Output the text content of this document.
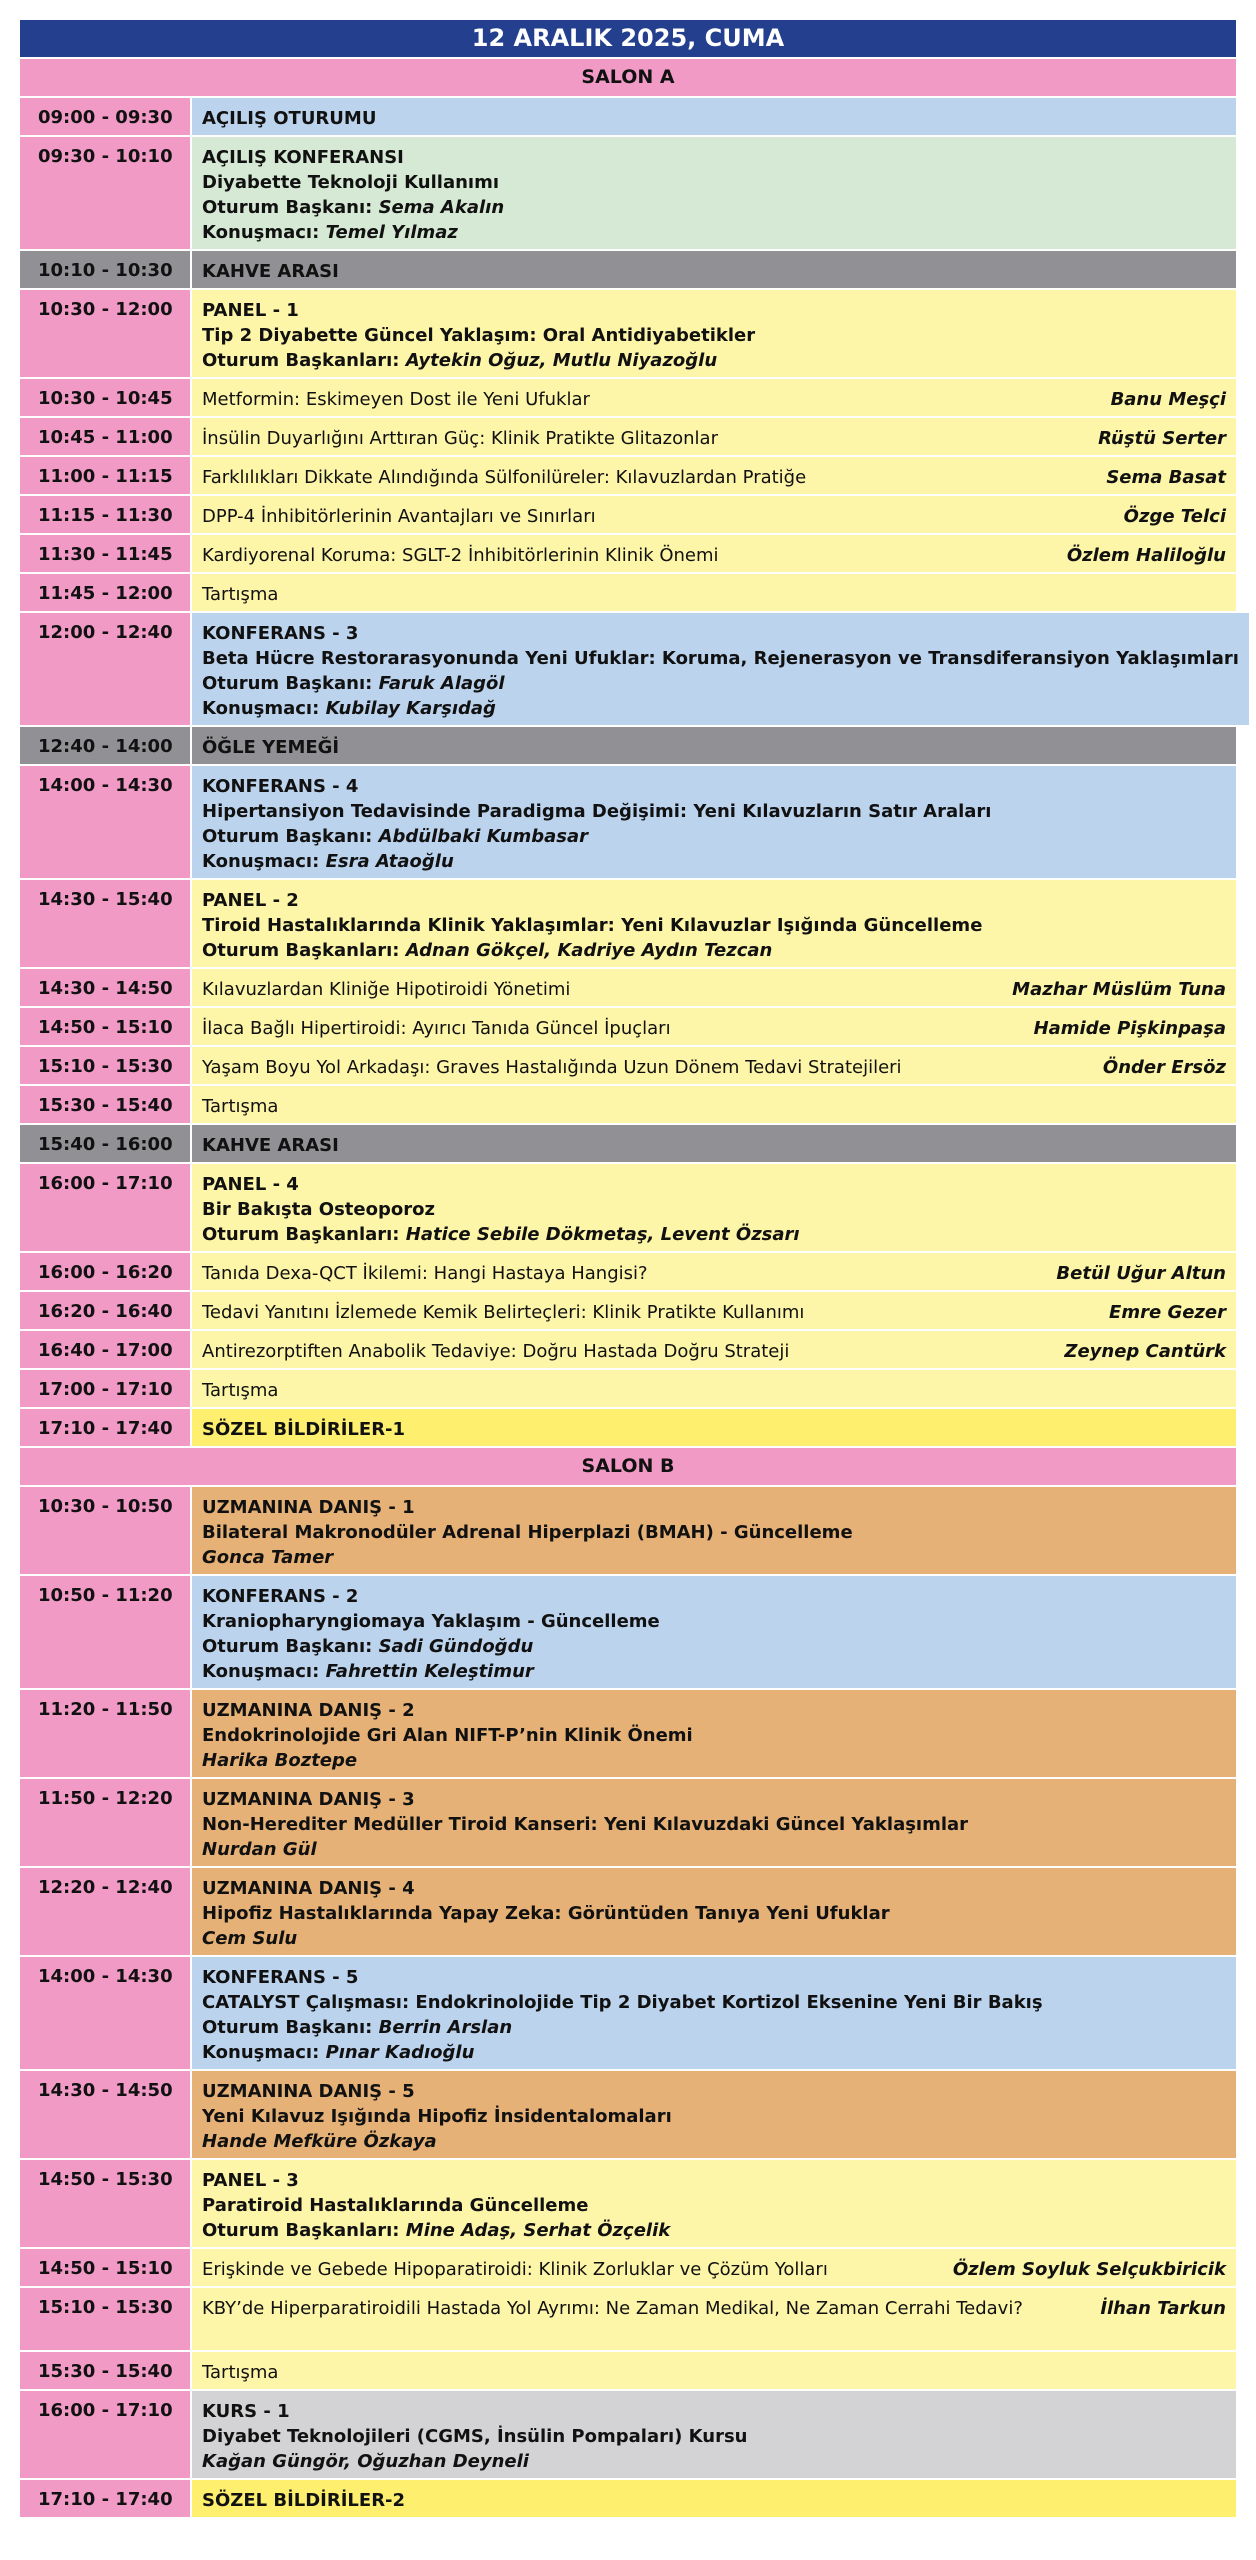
12 ARALIK 2025, CUMA
SALON A
09:00 - 09:30	AÇILIŞ OTURUMU
09:30 - 10:10	AÇILIŞ KONFERANSI
Diyabette Teknoloji Kullanımı
Oturum Başkanı: Sema Akalın
Konuşmacı: Temel Yılmaz
10:10 - 10:30	KAHVE ARASI
10:30 - 12:00	PANEL - 1
Tip 2 Diyabette Güncel Yaklaşım: Oral Antidiyabetikler
Oturum Başkanları: Aytekin Oğuz, Mutlu Niyazoğlu
10:30 - 10:45	Metformin: Eskimeyen Dost ile Yeni Ufuklar	Banu Meşçi
10:45 - 11:00	İnsülin Duyarlığını Arttıran Güç: Klinik Pratikte Glitazonlar	Rüştü Serter
11:00 - 11:15	Farklılıkları Dikkate Alındığında Sülfonilüreler: Kılavuzlardan Pratiğe	Sema Basat
11:15 - 11:30	DPP-4 İnhibitörlerinin Avantajları ve Sınırları	Özge Telci
11:30 - 11:45	Kardiyorenal Koruma: SGLT-2 İnhibitörlerinin Klinik Önemi	Özlem Haliloğlu
11:45 - 12:00	Tartışma
12:00 - 12:40	KONFERANS - 3
Beta Hücre Restorarasyonunda Yeni Ufuklar: Koruma, Rejenerasyon ve Transdiferansiyon Yaklaşımları
Oturum Başkanı: Faruk Alagöl
Konuşmacı: Kubilay Karşıdağ
12:40 - 14:00	ÖĞLE YEMEĞİ
14:00 - 14:30	KONFERANS - 4
Hipertansiyon Tedavisinde Paradigma Değişimi: Yeni Kılavuzların Satır Araları
Oturum Başkanı: Abdülbaki Kumbasar
Konuşmacı: Esra Ataoğlu
14:30 - 15:40	PANEL - 2
Tiroid Hastalıklarında Klinik Yaklaşımlar: Yeni Kılavuzlar Işığında Güncelleme
Oturum Başkanları: Adnan Gökçel, Kadriye Aydın Tezcan
14:30 - 14:50	Kılavuzlardan Kliniğe Hipotiroidi Yönetimi	Mazhar Müslüm Tuna
14:50 - 15:10	İlaca Bağlı Hipertiroidi: Ayırıcı Tanıda Güncel İpuçları	Hamide Pişkinpaşa
15:10 - 15:30	Yaşam Boyu Yol Arkadaşı: Graves Hastalığında Uzun Dönem Tedavi Stratejileri	Önder Ersöz
15:30 - 15:40	Tartışma
15:40 - 16:00	KAHVE ARASI
16:00 - 17:10	PANEL - 4
Bir Bakışta Osteoporoz
Oturum Başkanları: Hatice Sebile Dökmetaş, Levent Özsarı
16:00 - 16:20	Tanıda Dexa-QCT İkilemi: Hangi Hastaya Hangisi?	Betül Uğur Altun
16:20 - 16:40	Tedavi Yanıtını İzlemede Kemik Belirteçleri: Klinik Pratikte Kullanımı	Emre Gezer
16:40 - 17:00	Antirezorptiften Anabolik Tedaviye: Doğru Hastada Doğru Strateji	Zeynep Cantürk
17:00 - 17:10	Tartışma
17:10 - 17:40	SÖZEL BİLDİRİLER-1
SALON B
10:30 - 10:50	UZMANINA DANIŞ - 1
Bilateral Makronodüler Adrenal Hiperplazi (BMAH) - Güncelleme
Gonca Tamer
10:50 - 11:20	KONFERANS - 2
Kraniopharyngiomaya Yaklaşım - Güncelleme
Oturum Başkanı: Sadi Gündoğdu
Konuşmacı: Fahrettin Keleştimur
11:20 - 11:50	UZMANINA DANIŞ - 2
Endokrinolojide Gri Alan NIFT-P’nin Klinik Önemi
Harika Boztepe
11:50 - 12:20	UZMANINA DANIŞ - 3
Non-Herediter Medüller Tiroid Kanseri: Yeni Kılavuzdaki Güncel Yaklaşımlar
Nurdan Gül
12:20 - 12:40	UZMANINA DANIŞ - 4
Hipofiz Hastalıklarında Yapay Zeka: Görüntüden Tanıya Yeni Ufuklar
Cem Sulu
14:00 - 14:30	KONFERANS - 5
CATALYST Çalışması: Endokrinolojide Tip 2 Diyabet Kortizol Eksenine Yeni Bir Bakış
Oturum Başkanı: Berrin Arslan
Konuşmacı: Pınar Kadıoğlu
14:30 - 14:50	UZMANINA DANIŞ - 5
Yeni Kılavuz Işığında Hipofiz İnsidentalomaları
Hande Mefküre Özkaya
14:50 - 15:30	PANEL - 3
Paratiroid Hastalıklarında Güncelleme
Oturum Başkanları: Mine Adaş, Serhat Özçelik
14:50 - 15:10	Erişkinde ve Gebede Hipoparatiroidi: Klinik Zorluklar ve Çözüm Yolları	Özlem Soyluk Selçukbiricik
15:10 - 15:30	KBY’de Hiperparatiroidili Hastada Yol Ayrımı: Ne Zaman Medikal, Ne Zaman Cerrahi Tedavi?	İlhan Tarkun
15:30 - 15:40	Tartışma
16:00 - 17:10	KURS - 1
Diyabet Teknolojileri (CGMS, İnsülin Pompaları) Kursu
Kağan Güngör, Oğuzhan Deyneli
17:10 - 17:40	SÖZEL BİLDİRİLER-2
